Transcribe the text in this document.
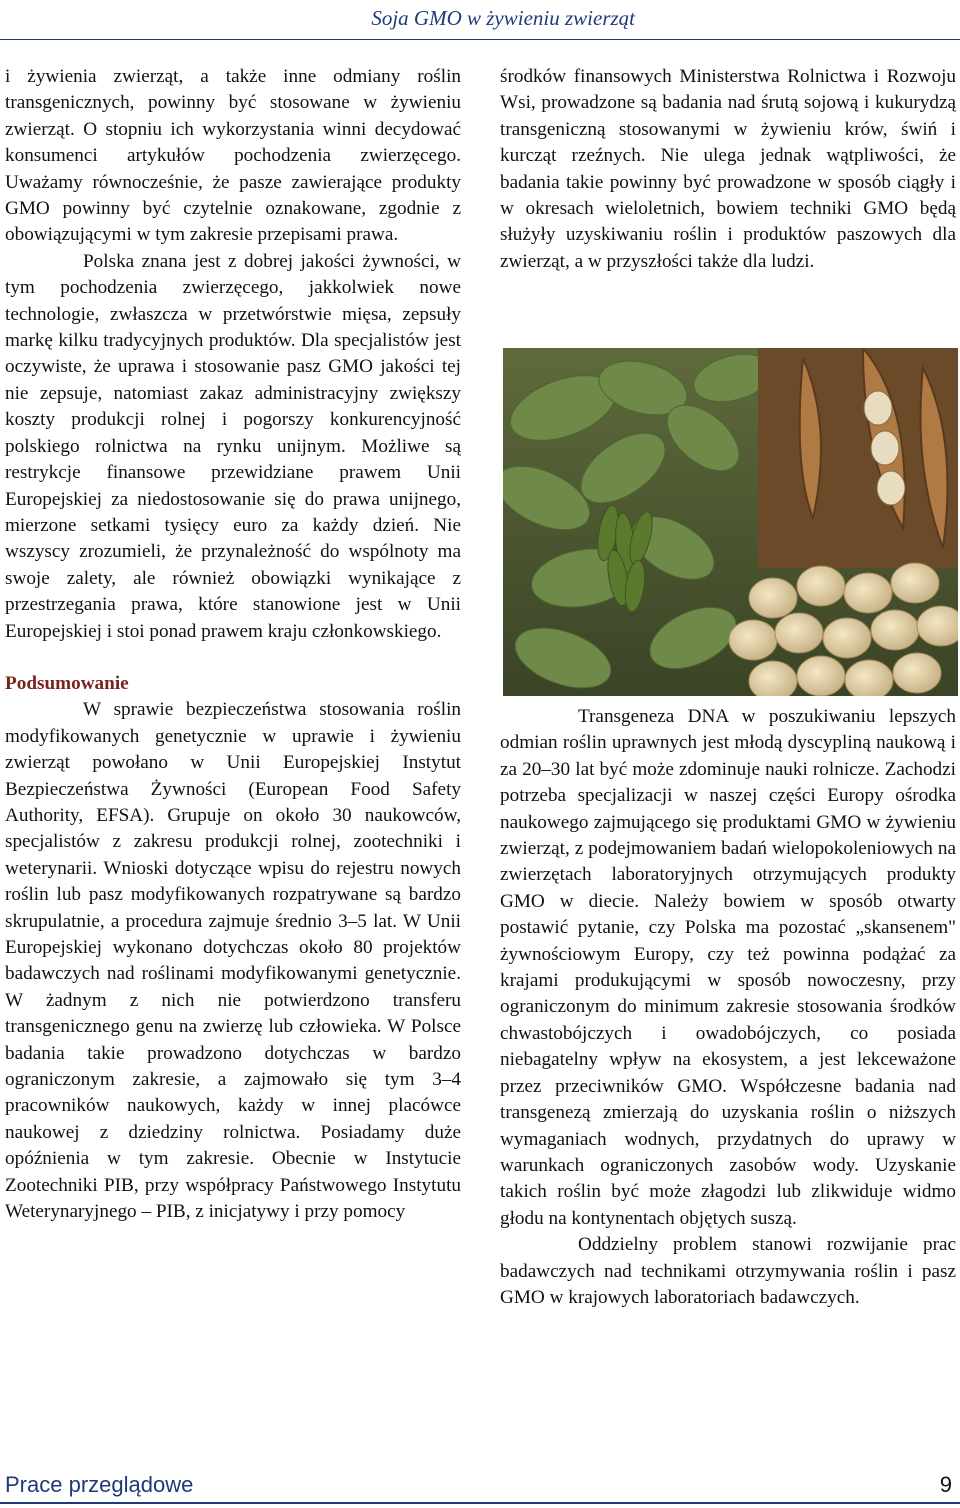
Soja GMO w żywieniu zwierząt

i żywienia zwierząt, a także inne odmiany roślin transgenicznych, powinny być stosowane w żywieniu zwierząt. O stopniu ich wykorzystania winni decydować konsumenci artykułów pochodzenia zwierzęcego. Uważamy równocześnie, że pasze zawierające produkty GMO powinny być czytelnie oznakowane, zgodnie z obowiązującymi w tym zakresie przepisami prawa.

Polska znana jest z dobrej jakości żywności, w tym pochodzenia zwierzęcego, jakkolwiek nowe technologie, zwłaszcza w przetwórstwie mięsa, zepsuły markę kilku tradycyjnych produktów. Dla specjalistów jest oczywiste, że uprawa i stosowanie pasz GMO jakości tej nie zepsuje, natomiast zakaz administracyjny zwiększy koszty produkcji rolnej i pogorszy konkurencyjność polskiego rolnictwa na rynku unijnym. Możliwe są restrykcje finansowe przewidziane prawem Unii Europejskiej za niedostosowanie się do prawa unijnego, mierzone setkami tysięcy euro za każdy dzień. Nie wszyscy zrozumieli, że przynależność do wspólnoty ma swoje zalety, ale również obowiązki wynikające z przestrzegania prawa, które stanowione jest w Unii Europejskiej i stoi ponad prawem kraju członkowskiego.

Podsumowanie

W sprawie bezpieczeństwa stosowania roślin modyfikowanych genetycznie w uprawie i żywieniu zwierząt powołano w Unii Europejskiej Instytut Bezpieczeństwa Żywności (European Food Safety Authority, EFSA). Grupuje on około 30 naukowców, specjalistów z zakresu produkcji rolnej, zootechniki i weterynarii. Wnioski dotyczące wpisu do rejestru nowych roślin lub pasz modyfikowanych rozpatrywane są bardzo skrupulatnie, a procedura zajmuje średnio 3–5 lat. W Unii Europejskiej wykonano dotychczas około 80 projektów badawczych nad roślinami modyfikowanymi genetycznie. W żadnym z nich nie potwierdzono transferu transgenicznego genu na zwierzę lub człowieka. W Polsce badania takie prowadzono dotychczas w bardzo ograniczonym zakresie, a zajmowało się tym 3–4 pracowników naukowych, każdy w innej placówce naukowej z dziedziny rolnictwa. Posiadamy duże opóźnienia w tym zakresie. Obecnie w Instytucie Zootechniki PIB, przy współpracy Państwowego Instytutu Weterynaryjnego – PIB, z inicjatywy i przy pomocy

środków finansowych Ministerstwa Rolnictwa i Rozwoju Wsi, prowadzone są badania nad śrutą sojową i kukurydzą transgeniczną stosowanymi w żywieniu krów, świń i kurcząt rzeźnych. Nie ulega jednak wątpliwości, że badania takie powinny być prowadzone w sposób ciągły i w okresach wieloletnich, bowiem techniki GMO będą służyły uzyskiwaniu roślin i produktów paszowych dla zwierząt, a w przyszłości także dla ludzi.

Transgeneza DNA w poszukiwaniu lepszych odmian roślin uprawnych jest młodą dyscypliną naukową i za 20–30 lat być może zdominuje nauki rolnicze. Zachodzi potrzeba specjalizacji w naszej części Europy ośrodka naukowego zajmującego się produktami GMO w żywieniu zwierząt, z podejmowaniem badań wielopokoleniowych na zwierzętach laboratoryjnych otrzymujących produkty GMO w diecie. Należy bowiem w sposób otwarty postawić pytanie, czy Polska ma pozostać „skansenem" żywnościowym Europy, czy też powinna podążać za krajami produkującymi w sposób nowoczesny, przy ograniczonym do minimum zakresie stosowania środków chwastobójczych i owadobójczych, co posiada niebagatelny wpływ na ekosystem, a jest lekceważone przez przeciwników GMO. Współczesne badania nad transgenezą zmierzają do uzyskania roślin o niższych wymaganiach wodnych, przydatnych do uprawy w warunkach ograniczonych zasobów wody. Uzyskanie takich roślin być może złagodzi lub zlikwiduje widmo głodu na kontynentach objętych suszą.

Oddzielny problem stanowi rozwijanie prac badawczych nad technikami otrzymywania roślin i pasz GMO w krajowych laboratoriach badawczych.

Prace przeglądowe	9
